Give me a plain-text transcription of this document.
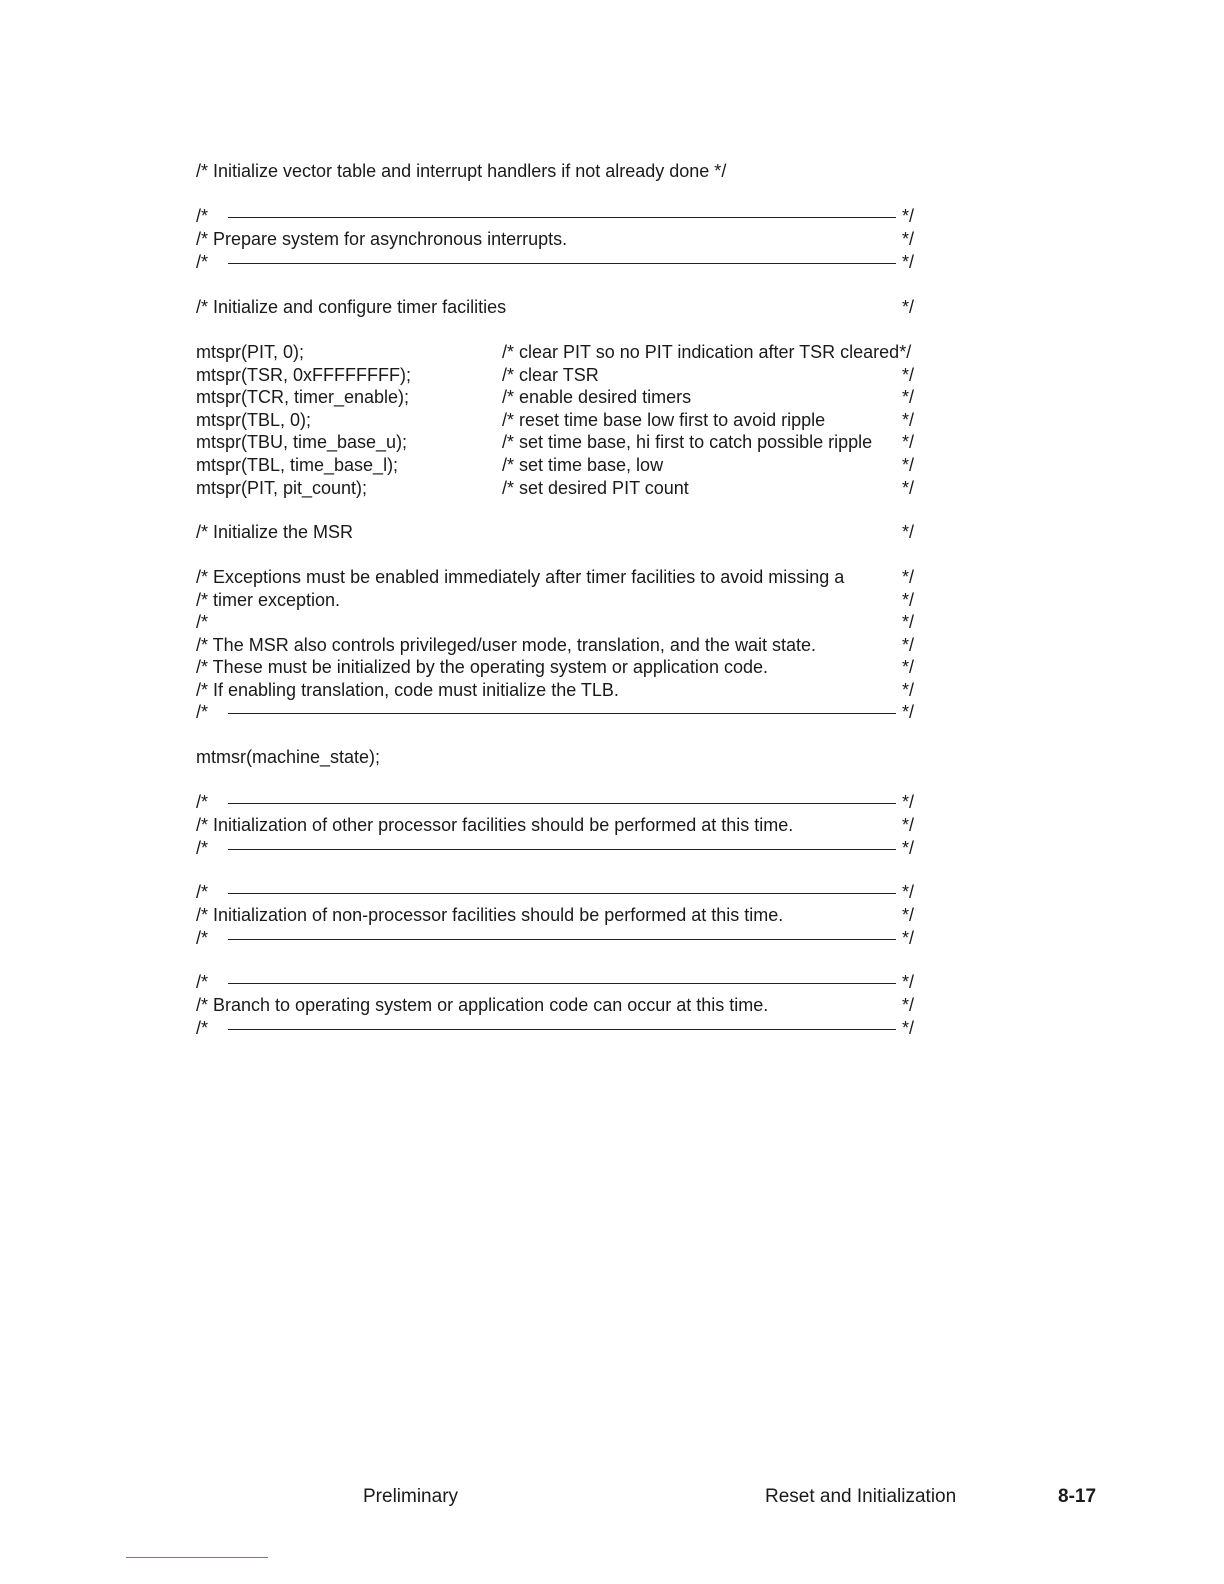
/* Initialize vector table and interrupt handlers if not already done */
/*	*/
/* Prepare system for asynchronous interrupts.	*/
/*	*/
/* Initialize and configure timer facilities	*/
mtspr(PIT, 0);	/* clear PIT so no PIT indication after TSR cleared*/
mtspr(TSR, 0xFFFFFFFF);	/* clear TSR	*/
mtspr(TCR, timer_enable);	/* enable desired timers	*/
mtspr(TBL, 0);	/* reset time base low first to avoid ripple	*/
mtspr(TBU, time_base_u);	/* set time base, hi first to catch possible ripple */
mtspr(TBL, time_base_l);	/* set time base, low	*/
mtspr(PIT, pit_count);	/* set desired PIT count	*/
/* Initialize the MSR	*/
/* Exceptions must be enabled immediately after timer facilities to avoid missing a	*/
/* timer exception.	*/
/*	*/
/* The MSR also controls privileged/user mode, translation, and the wait state.	*/
/* These must be initialized by the operating system or application code.	*/
/* If enabling translation, code must initialize the TLB.	*/
/*	*/
mtmsr(machine_state);
/*	*/
/* Initialization of other processor facilities should be performed at this time.	*/
/*	*/
/*	*/
/* Initialization of non-processor facilities should be performed at this time.	*/
/*	*/
/*	*/
/* Branch to operating system or application code can occur at this time.	*/
/*	*/
Preliminary	Reset and Initialization	8-17
